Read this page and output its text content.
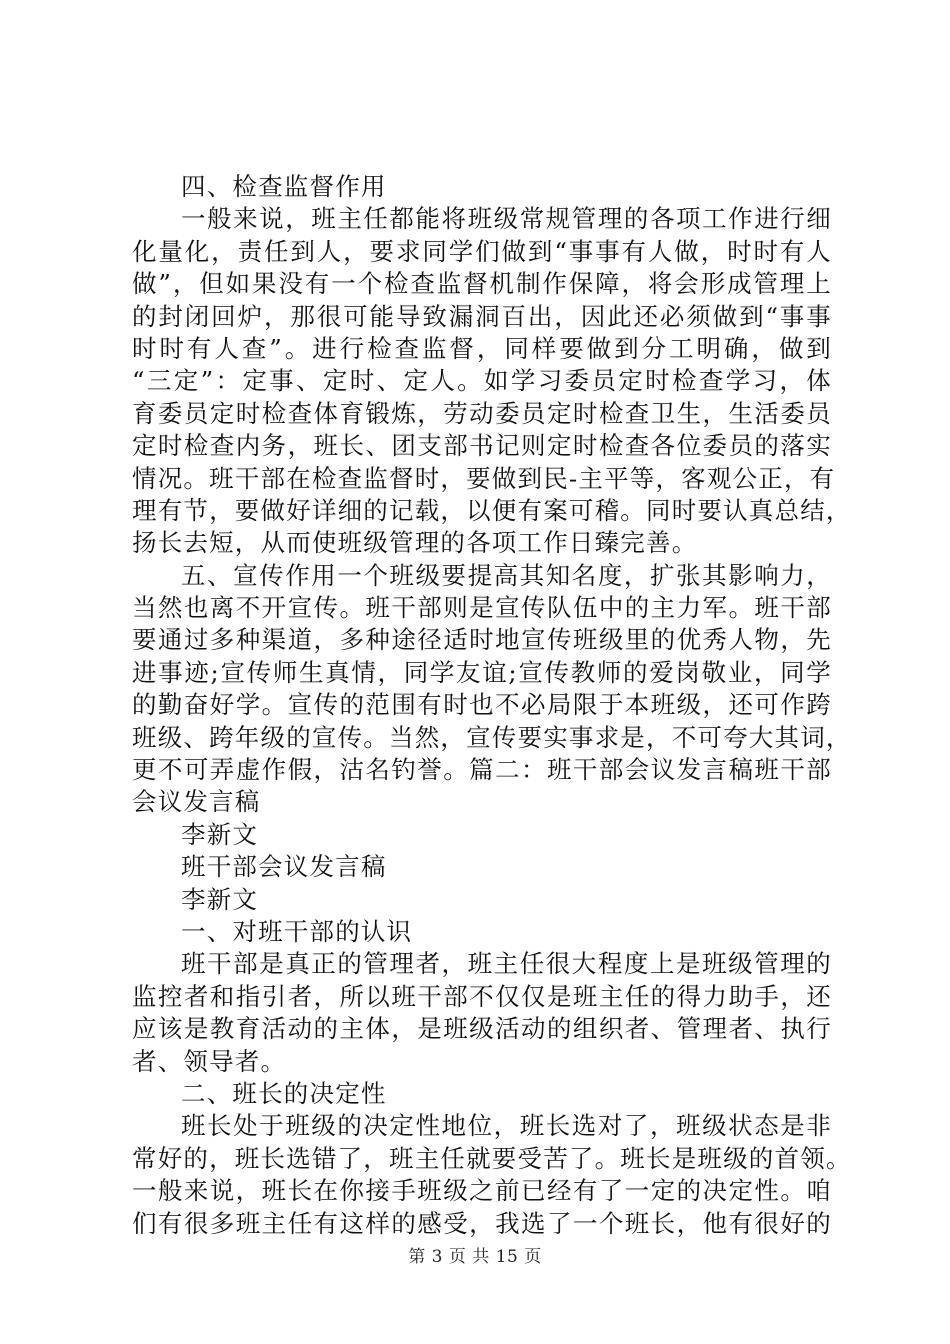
四、检查监督作用
一般来说，班主任都能将班级常规管理的各项工作进行细
化量化，责任到人，要求同学们做到“事事有人做，时时有人
做”，但如果没有一个检查监督机制作保障，将会形成管理上
的封闭回炉，那很可能导致漏洞百出，因此还必须做到“事事
时时有人查”。进行检查监督，同样要做到分工明确，做到
“三定”：定事、定时、定人。如学习委员定时检查学习，体
育委员定时检查体育锻炼，劳动委员定时检查卫生，生活委员
定时检查内务，班长、团支部书记则定时检查各位委员的落实
情况。班干部在检查监督时，要做到民-主平等，客观公正，有
理有节，要做好详细的记载，以便有案可稽。同时要认真总结，
扬长去短，从而使班级管理的各项工作日臻完善。
五、宣传作用一个班级要提高其知名度，扩张其影响力，
当然也离不开宣传。班干部则是宣传队伍中的主力军。班干部
要通过多种渠道，多种途径适时地宣传班级里的优秀人物，先
进事迹;宣传师生真情，同学友谊;宣传教师的爱岗敬业，同学
的勤奋好学。宣传的范围有时也不必局限于本班级，还可作跨
班级、跨年级的宣传。当然，宣传要实事求是，不可夸大其词，
更不可弄虚作假，沽名钓誉。篇二：班干部会议发言稿班干部
会议发言稿
李新文
班干部会议发言稿
李新文
一、对班干部的认识
班干部是真正的管理者，班主任很大程度上是班级管理的
监控者和指引者，所以班干部不仅仅是班主任的得力助手，还
应该是教育活动的主体，是班级活动的组织者、管理者、执行
者、领导者。
二、班长的决定性
班长处于班级的决定性地位，班长选对了，班级状态是非
常好的，班长选错了，班主任就要受苦了。班长是班级的首领。
一般来说，班长在你接手班级之前已经有了一定的决定性。咱
们有很多班主任有这样的感受，我选了一个班长，他有很好的
第 3 页 共 15 页
